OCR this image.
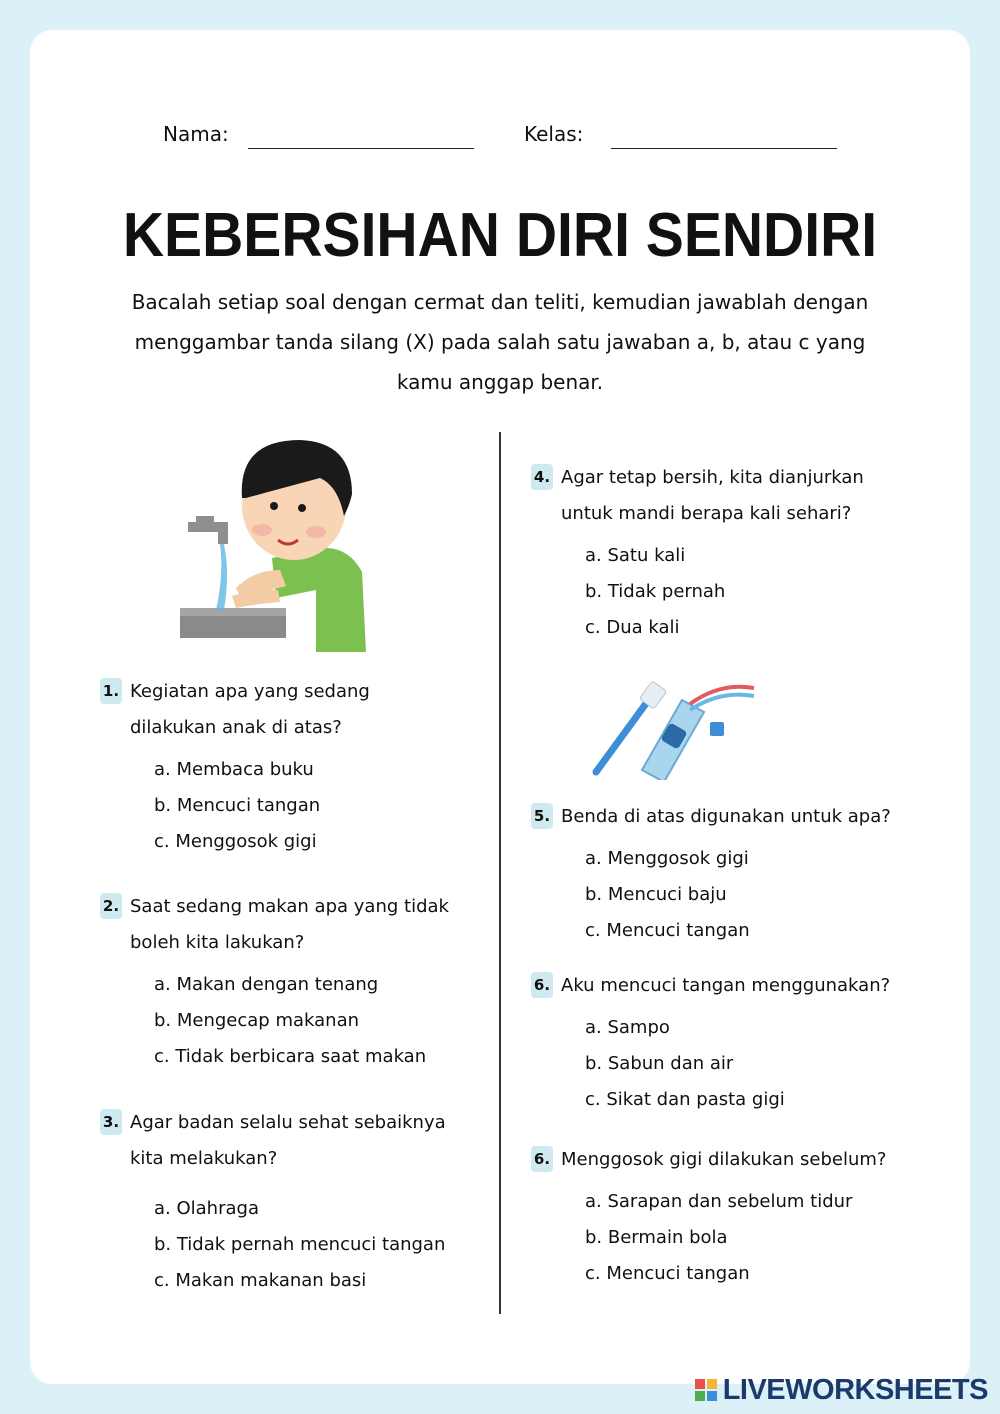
Nama:	Kelas:
KEBERSIHAN DIRI SENDIRI
Bacalah setiap soal dengan cermat dan teliti, kemudian jawablah dengan menggambar tanda silang (X) pada salah satu jawaban a, b, atau c yang kamu anggap benar.
1. Kegiatan apa yang sedang dilakukan anak di atas?
a. Membaca buku
b. Mencuci tangan
c. Menggosok gigi
2. Saat sedang makan apa yang tidak boleh kita lakukan?
a. Makan dengan tenang
b. Mengecap makanan
c. Tidak berbicara saat makan
3. Agar badan selalu sehat sebaiknya kita melakukan?
a. Olahraga
b. Tidak pernah mencuci tangan
c. Makan makanan basi
4. Agar tetap bersih, kita dianjurkan untuk mandi berapa kali sehari?
a. Satu kali
b. Tidak pernah
c. Dua kali
5. Benda di atas digunakan untuk apa?
a. Menggosok gigi
b. Mencuci baju
c. Mencuci tangan
6. Aku mencuci tangan menggunakan?
a. Sampo
b. Sabun dan air
c. Sikat dan pasta gigi
6. Menggosok gigi dilakukan sebelum?
a. Sarapan dan sebelum tidur
b. Bermain bola
c. Mencuci tangan
LIVEWORKSHEETS
